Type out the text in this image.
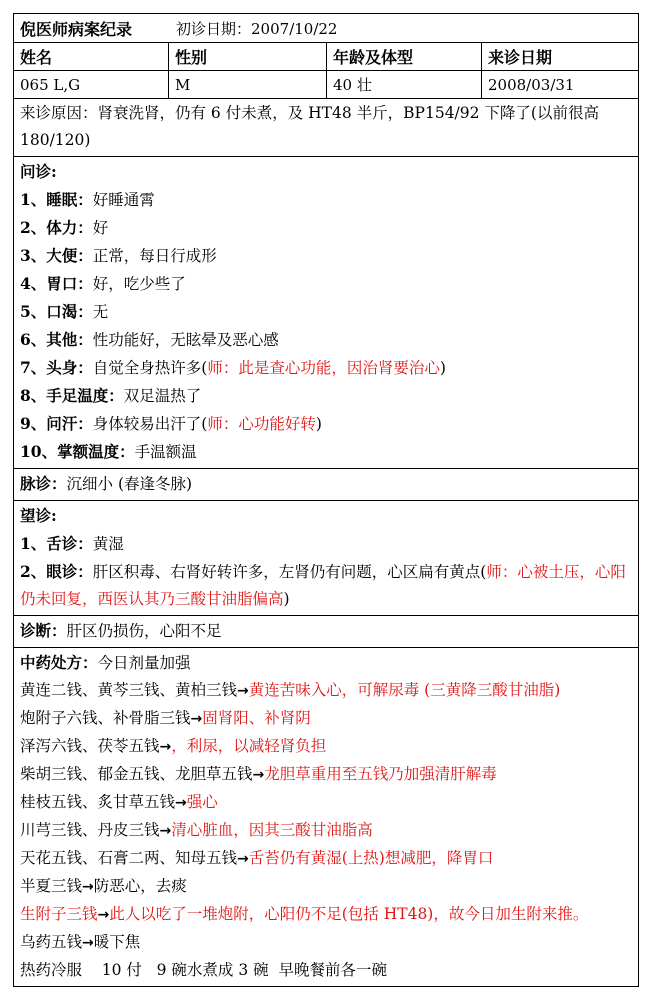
倪医师病案纪录	初诊日期：2007/10/22
姓名	性别	年龄及体型	来诊日期
065 L,G	M	40 壮	2008/03/31
来诊原因：肾衰洗肾，仍有 6 付未煮，及 HT48 半斤，BP154/92 下降了(以前很高 180/120)
问诊:
1、睡眠：好睡通霄
2、体力：好
3、大便：正常，每日行成形
4、胃口：好，吃少些了
5、口渴：无
6、其他：性功能好，无眩晕及恶心感
7、头身：自觉全身热许多(师：此是查心功能，因治肾要治心)
8、手足温度：双足温热了
9、问汗：身体较易出汗了(师：心功能好转)
10、掌额温度：手温额温
脉诊：沉细小 (春逢冬脉)
望诊:
1、舌诊：黄湿
2、眼诊：肝区积毒、右肾好转许多，左肾仍有问题，心区扁有黄点(师：心被土压，心阳仍未回复，西医认其乃三酸甘油脂偏高)
诊断：肝区仍损伤，心阳不足
中药处方：今日剂量加强
黄连二钱、黄芩三钱、黄柏三钱→黄连苦味入心，可解尿毒 (三黄降三酸甘油脂)
炮附子六钱、补骨脂三钱→固肾阳、补肾阴
泽泻六钱、茯苓五钱→，利尿，以减轻肾负担
柴胡三钱、郁金五钱、龙胆草五钱→龙胆草重用至五钱乃加强清肝解毒
桂枝五钱、炙甘草五钱→强心
川芎三钱、丹皮三钱→清心脏血，因其三酸甘油脂高
天花五钱、石膏二两、知母五钱→舌苔仍有黄湿(上热)想减肥，降胃口
半夏三钱→防恶心，去痰
生附子三钱→此人以吃了一堆炮附，心阳仍不足(包括 HT48)，故今日加生附来推。
乌药五钱→暖下焦
热药冷服    10 付   9 碗水煮成 3 碗  早晚餐前各一碗
